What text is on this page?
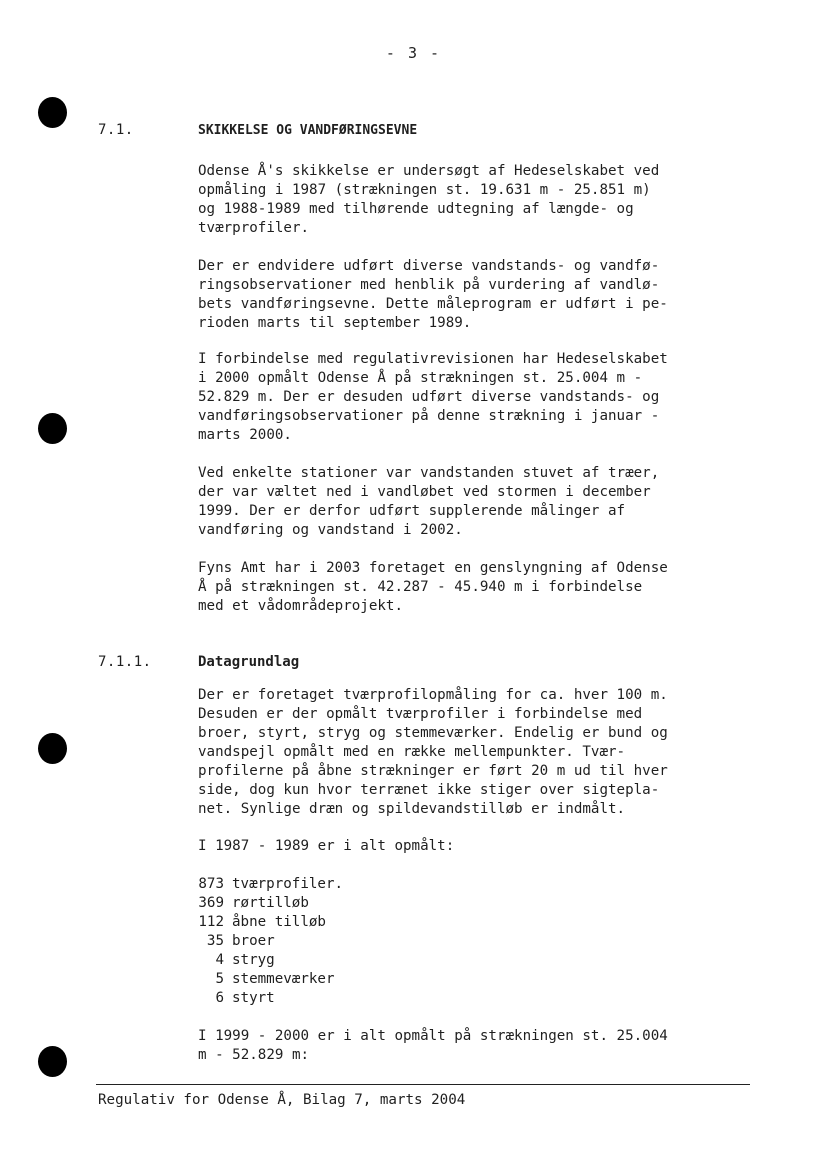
- 3 -
7.1.	SKIKKELSE OG VANDFØRINGSEVNE
Odense Å's skikkelse er undersøgt af Hedeselskabet ved
opmåling i 1987 (strækningen st. 19.631 m - 25.851 m)
og 1988-1989 med tilhørende udtegning af længde- og
tværprofiler.
Der er endvidere udført diverse vandstands- og vandfø-
ringsobservationer med henblik på vurdering af vandlø-
bets vandføringsevne. Dette måleprogram er udført i pe-
rioden marts til september 1989.
I forbindelse med regulativrevisionen har Hedeselskabet
i 2000 opmålt Odense Å på strækningen st. 25.004 m -
52.829 m. Der er desuden udført diverse vandstands- og
vandføringsobservationer på denne strækning i januar -
marts 2000.
Ved enkelte stationer var vandstanden stuvet af træer,
der var væltet ned i vandløbet ved stormen i december
1999. Der er derfor udført supplerende målinger af
vandføring og vandstand i 2002.
Fyns Amt har i 2003 foretaget en genslyngning af Odense
Å på strækningen st. 42.287 - 45.940 m i forbindelse
med et vådområdeprojekt.
7.1.1.	Datagrundlag
Der er foretaget tværprofilopmåling for ca. hver 100 m.
Desuden er der opmålt tværprofiler i forbindelse med
broer, styrt, stryg og stemmeværker. Endelig er bund og
vandspejl opmålt med en række mellempunkter. Tvær-
profilerne på åbne strækninger er ført 20 m ud til hver
side, dog kun hvor terrænet ikke stiger over sigtepla-
net. Synlige dræn og spildevandstilløb er indmålt.
I 1987 - 1989 er i alt opmålt:
873 tværprofiler.
369 rørtilløb
112 åbne tilløb
35 broer
4 stryg
5 stemmeværker
6 styrt
I 1999 - 2000 er i alt opmålt på strækningen st. 25.004
m - 52.829 m:
Regulativ for Odense Å, Bilag 7, marts 2004
